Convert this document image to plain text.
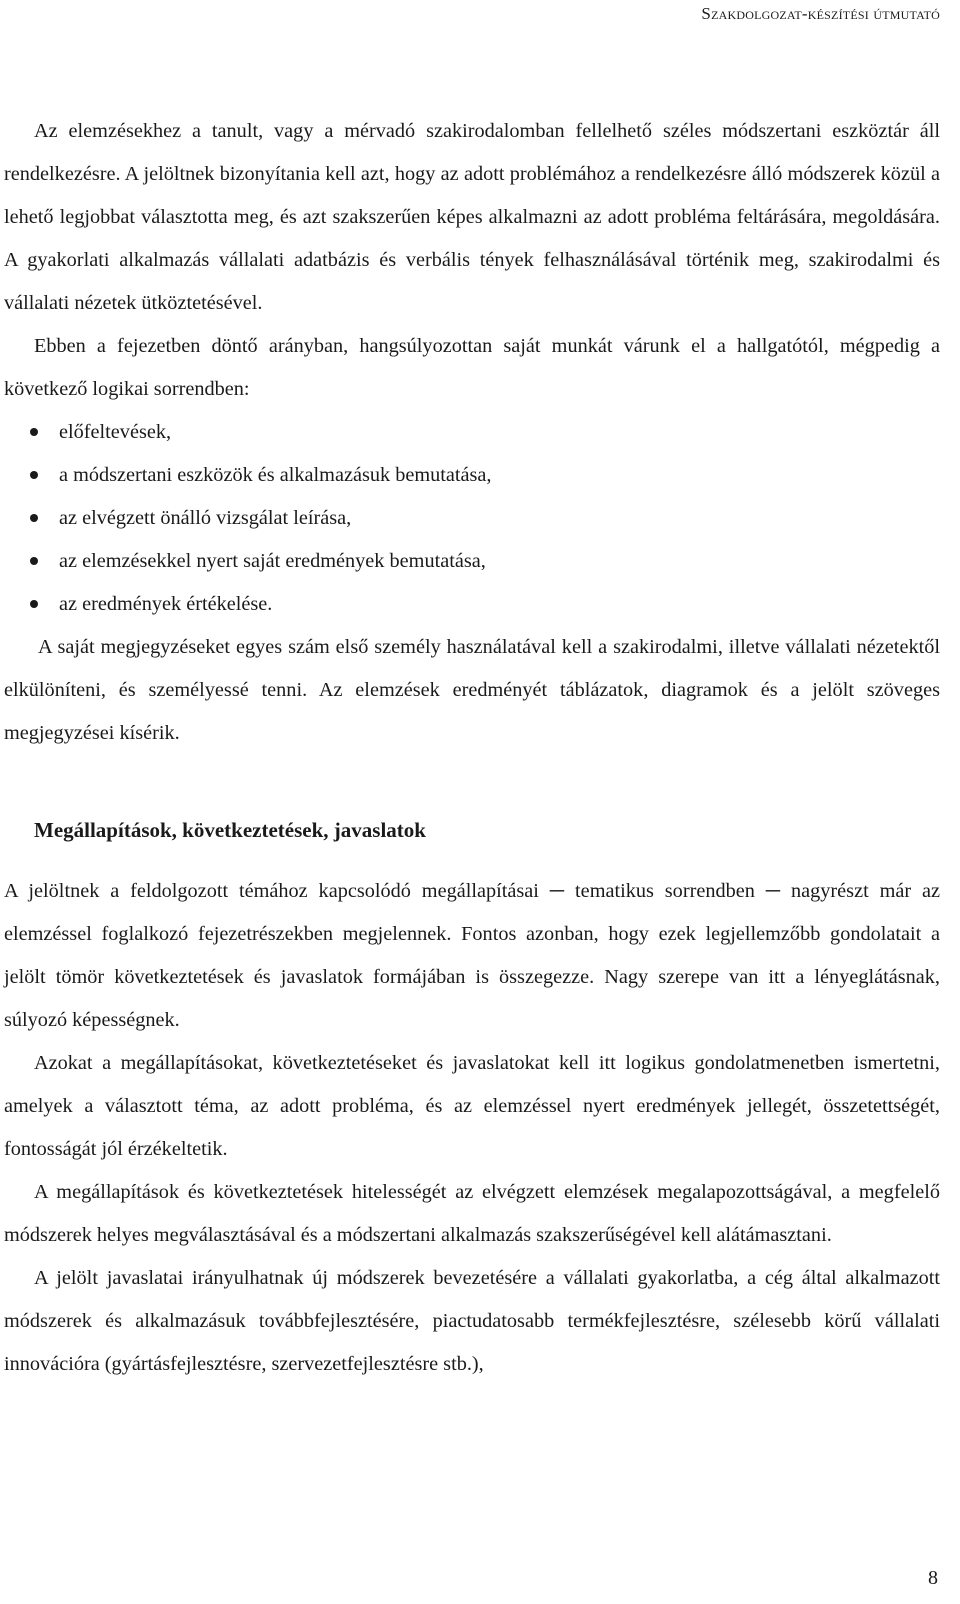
Szakdolgozat-készítési útmutató

Az elemzésekhez a tanult, vagy a mérvadó szakirodalomban fellelhető széles módszertani eszköztár áll rendelkezésre. A jelöltnek bizonyítania kell azt, hogy az adott problémához a rendelkezésre álló módszerek közül a lehető legjobbat választotta meg, és azt szakszerűen képes alkalmazni az adott probléma feltárására, megoldására. A gyakorlati alkalmazás vállalati adatbázis és verbális tények felhasználásával történik meg, szakirodalmi és vállalati nézetek ütköztetésével.

Ebben a fejezetben döntő arányban, hangsúlyozottan saját munkát várunk el a hallgatótól, mégpedig a következő logikai sorrendben:

előfeltevések,
a módszertani eszközök és alkalmazásuk bemutatása,
az elvégzett önálló vizsgálat leírása,
az elemzésekkel nyert saját eredmények bemutatása,
az eredmények értékelése.

A saját megjegyzéseket egyes szám első személy használatával kell a szakirodalmi, illetve vállalati nézetektől elkülöníteni, és személyessé tenni. Az elemzések eredményét táblázatok, diagramok és a jelölt szöveges megjegyzései kísérik.

Megállapítások, következtetések, javaslatok

A jelöltnek a feldolgozott témához kapcsolódó megállapításai ─ tematikus sorrendben ─ nagyrészt már az elemzéssel foglalkozó fejezetrészekben megjelennek. Fontos azonban, hogy ezek legjellemzőbb gondolatait a jelölt tömör következtetések és javaslatok formájában is összegezze. Nagy szerepe van itt a lényeglátásnak, súlyozó képességnek.

Azokat a megállapításokat, következtetéseket és javaslatokat kell itt logikus gondolatmenetben ismertetni, amelyek a választott téma, az adott probléma, és az elemzéssel nyert eredmények jellegét, összetettségét, fontosságát jól érzékeltetik.

A megállapítások és következtetések hitelességét az elvégzett elemzések megalapozottságával, a megfelelő módszerek helyes megválasztásával és a módszertani alkalmazás szakszerűségével kell alátámasztani.

A jelölt javaslatai irányulhatnak új módszerek bevezetésére a vállalati gyakorlatba, a cég által alkalmazott módszerek és alkalmazásuk továbbfejlesztésére, piactudatosabb termékfejlesztésre, szélesebb körű vállalati innovációra (gyártásfejlesztésre, szervezetfejlesztésre stb.),

8
